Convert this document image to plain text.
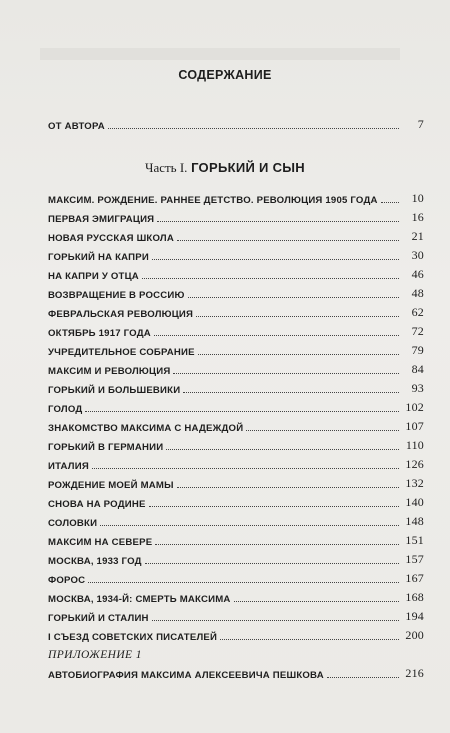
СОДЕРЖАНИЕ
ОТ АВТОРА	7
Часть I. ГОРЬКИЙ И СЫН
МАКСИМ. РОЖДЕНИЕ. РАННЕЕ ДЕТСТВО. РЕВОЛЮЦИЯ 1905 ГОДА	10
ПЕРВАЯ ЭМИГРАЦИЯ	16
НОВАЯ РУССКАЯ ШКОЛА	21
ГОРЬКИЙ НА КАПРИ	30
НА КАПРИ У ОТЦА	46
ВОЗВРАЩЕНИЕ В РОССИЮ	48
ФЕВРАЛЬСКАЯ РЕВОЛЮЦИЯ	62
ОКТЯБРЬ 1917 ГОДА	72
УЧРЕДИТЕЛЬНОЕ СОБРАНИЕ	79
МАКСИМ И РЕВОЛЮЦИЯ	84
ГОРЬКИЙ И БОЛЬШЕВИКИ	93
ГОЛОД	102
ЗНАКОМСТВО МАКСИМА С НАДЕЖДОЙ	107
ГОРЬКИЙ В ГЕРМАНИИ	110
ИТАЛИЯ	126
РОЖДЕНИЕ МОЕЙ МАМЫ	132
СНОВА НА РОДИНЕ	140
СОЛОВКИ	148
МАКСИМ НА СЕВЕРЕ	151
МОСКВА, 1933 ГОД	157
ФОРОС	167
МОСКВА, 1934-Й: СМЕРТЬ МАКСИМА	168
ГОРЬКИЙ И СТАЛИН	194
I СЪЕЗД СОВЕТСКИХ ПИСАТЕЛЕЙ	200
ПРИЛОЖЕНИЕ 1
АВТОБИОГРАФИЯ МАКСИМА АЛЕКСЕЕВИЧА ПЕШКОВА	216
